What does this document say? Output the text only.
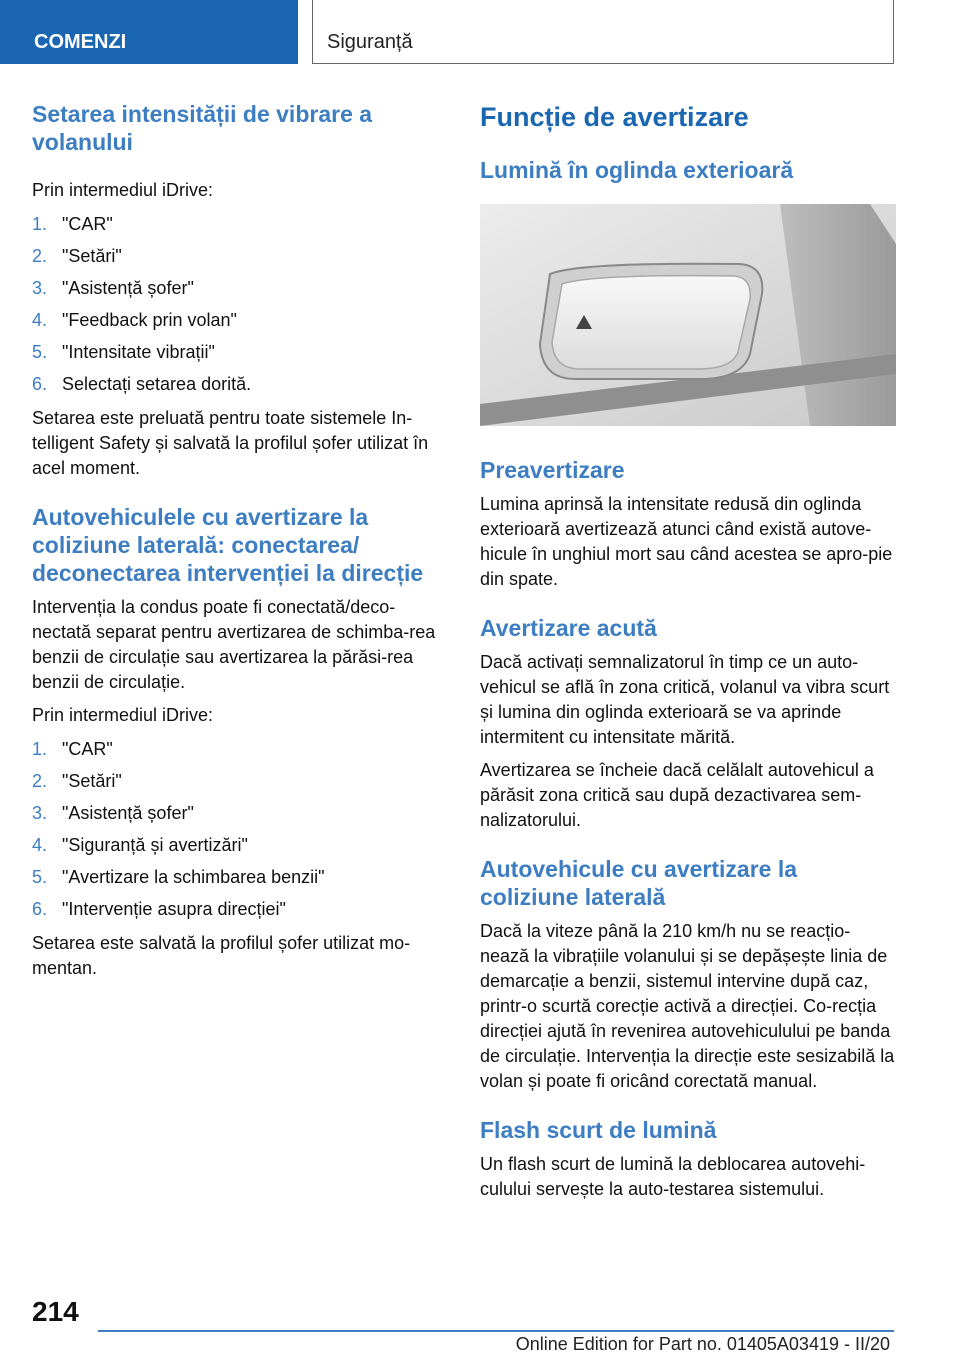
COMENZI	Siguranță
Setarea intensității de vibrare a volanului

Prin intermediul iDrive:

1. "CAR"
2. "Setări"
3. "Asistență șofer"
4. "Feedback prin volan"
5. "Intensitate vibrații"
6. Selectați setarea dorită.

Setarea este preluată pentru toate sistemele In-telligent Safety și salvată la profilul șofer utilizat în acel moment.

Autovehiculele cu avertizare la coliziune laterală: conectarea/ deconectarea intervenției la direcție

Intervenția la condus poate fi conectată/deco-nectată separat pentru avertizarea de schimba-rea benzii de circulație sau avertizarea la părăsi-rea benzii de circulație.

Prin intermediul iDrive:

1. "CAR"
2. "Setări"
3. "Asistență șofer"
4. "Siguranță și avertizări"
5. "Avertizare la schimbarea benzii"
6. "Intervenție asupra direcției"

Setarea este salvată la profilul șofer utilizat mo-mentan.

Funcție de avertizare
Lumină în oglinda exterioară
Preavertizare

Lumina aprinsă la intensitate redusă din oglinda exterioară avertizează atunci când există autove-hicule în unghiul mort sau când acestea se apro-pie din spate.

Avertizare acută

Dacă activați semnalizatorul în timp ce un auto-vehicul se află în zona critică, volanul va vibra scurt și lumina din oglinda exterioară se va aprinde intermitent cu intensitate mărită.

Avertizarea se încheie dacă celălalt autovehicul a părăsit zona critică sau după dezactivarea sem-nalizatorului.

Autovehicule cu avertizare la coliziune laterală

Dacă la viteze până la 210 km/h nu se reacțio-nează la vibrațiile volanului și se depășește linia de demarcație a benzii, sistemul intervine după caz, printr-o scurtă corecție activă a direcției. Co-recția direcției ajută în revenirea autovehiculului pe banda de circulație. Intervenția la direcție este sesizabilă la volan și poate fi oricând corectată manual.

Flash scurt de lumină

Un flash scurt de lumină la deblocarea autovehi-culului servește la auto-testarea sistemului.

214
Online Edition for Part no. 01405A03419 - II/20
